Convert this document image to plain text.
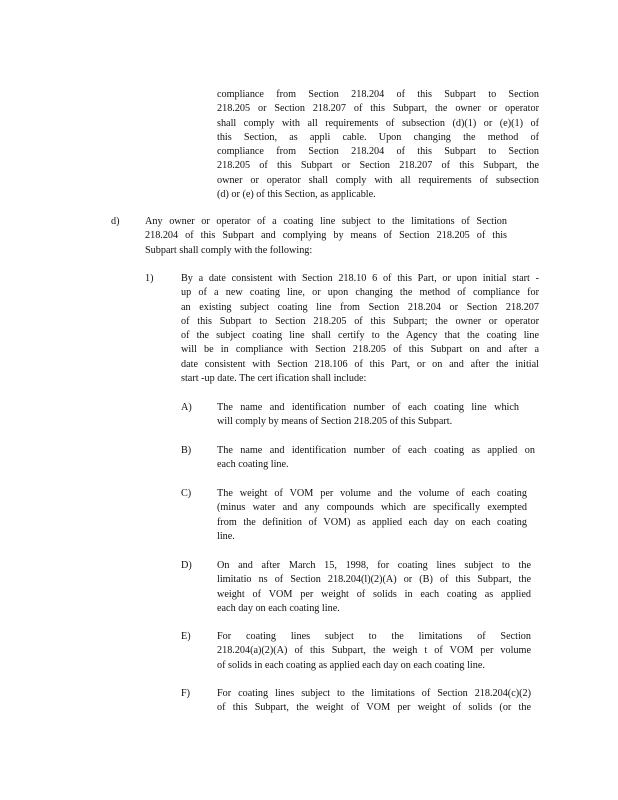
compliance from Section 218.204 of this Subpart to Section
218.205 or Section 218.207 of this Subpart, the owner or operator
shall comply with all requirements of subsection (d)(1) or (e)(1) of
this Section, as appli cable. Upon changing the method of
compliance from Section 218.204 of this Subpart to Section
218.205 of this Subpart or Section 218.207 of this Subpart, the
owner or operator shall comply with all requirements of subsection
(d) or (e) of this Section, as applicable.
d)	Any owner or operator of a coating line subject to the limitations of Section
218.204 of this Subpart and complying by means of Section 218.205 of this
Subpart shall comply with the following:
1)	By a date consistent with Section 218.10 6 of this Part, or upon initial start -
up of a new coating line, or upon changing the method of compliance for
an existing subject coating line from Section 218.204 or Section 218.207
of this Subpart to Section 218.205 of this Subpart; the owner or operator
of the subject coating line shall certify to the Agency that the coating line
will be in compliance with Section 218.205 of this Subpart on and after a
date consistent with Section 218.106 of this Part, or on and after the initial
start -up date. The cert ification shall include:
A) The name and identification number of each coating line which
will comply by means of Section 218.205 of this Subpart.
B)	The name and identification number of each coating as applied on
each coating line.
C)	The weight of VOM per volume and the volume of each coating
(minus water and any compounds which are specifically exempted
from the definition of VOM) as applied each day on each coating
line.
D) On and after March 15, 1998, for coating lines subject to the
limitatio ns of Section 218.204(l)(2)(A) or (B) of this Subpart, the
weight of VOM per weight of solids in each coating as applied
each day on each coating line.
E)	For coating lines subject to the limitations of Section
218.204(a)(2)(A) of this Subpart, the weigh t of VOM per volume
of solids in each coating as applied each day on each coating line.
F)	For coating lines subject to the limitations of Section 218.204(c)(2)
of this Subpart, the weight of VOM per weight of solids (or the
